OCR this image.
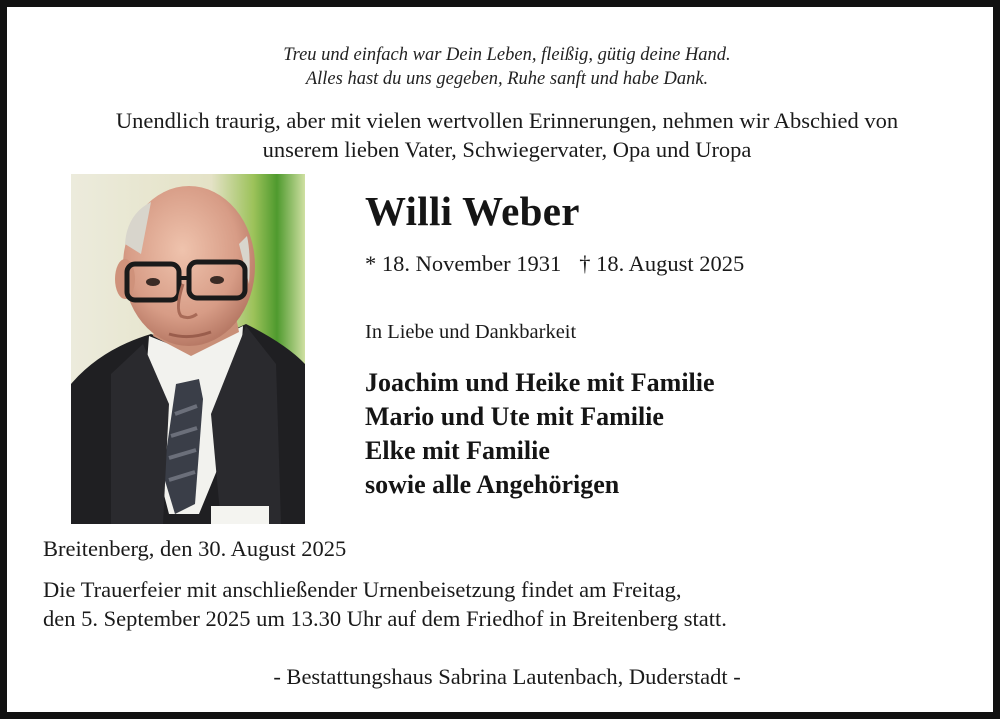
Treu und einfach war Dein Leben, fleißig, gütig deine Hand.
Alles hast du uns gegeben, Ruhe sanft und habe Dank.
Unendlich traurig, aber mit vielen wertvollen Erinnerungen, nehmen wir Abschied von
unserem lieben Vater, Schwiegervater, Opa und Uropa
Willi Weber
* 18. November 1931 † 18. August 2025
In Liebe und Dankbarkeit
Joachim und Heike mit Familie
Mario und Ute mit Familie
Elke mit Familie
sowie alle Angehörigen
Breitenberg, den 30. August 2025
Die Trauerfeier mit anschließender Urnenbeisetzung findet am Freitag,
den 5. September 2025 um 13.30 Uhr auf dem Friedhof in Breitenberg statt.
- Bestattungshaus Sabrina Lautenbach, Duderstadt -
